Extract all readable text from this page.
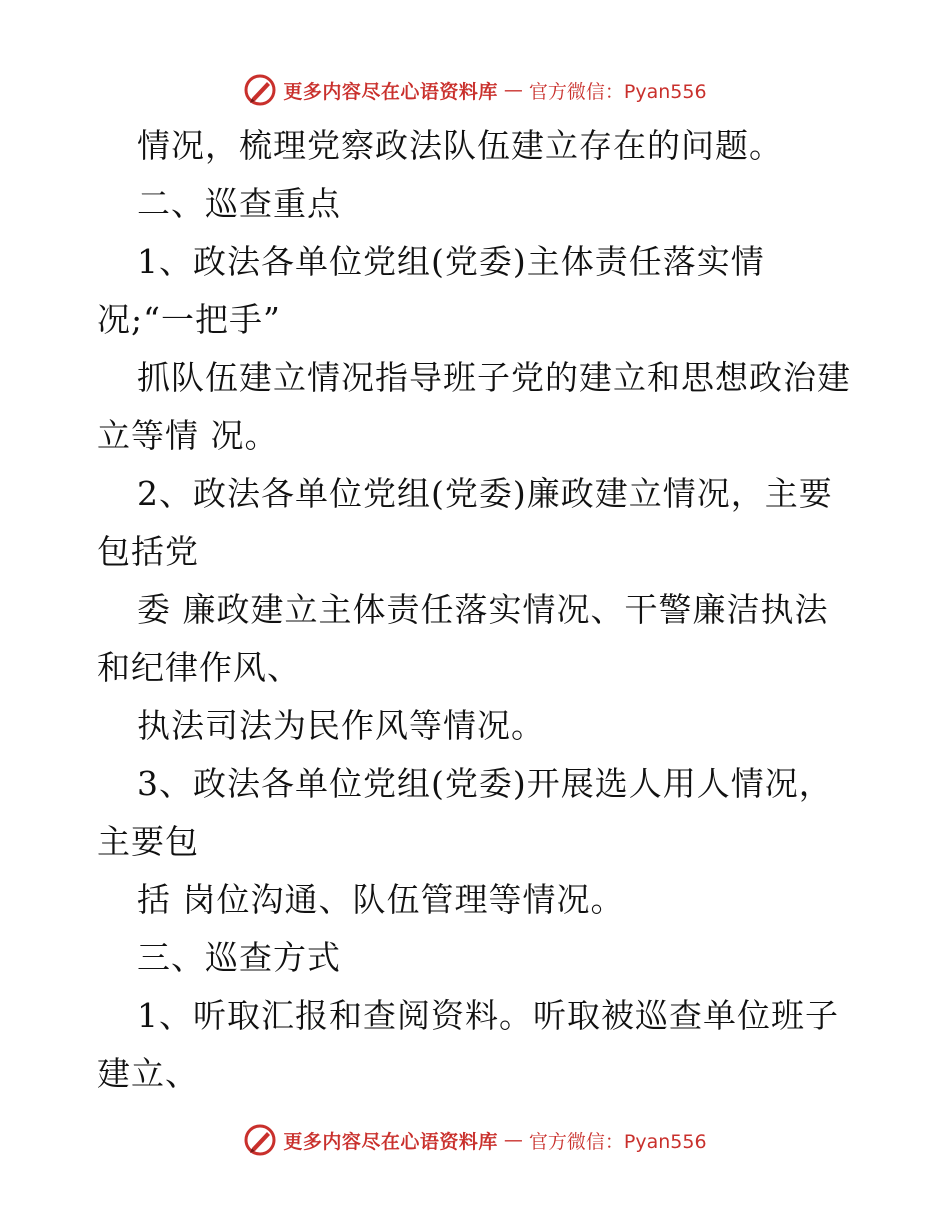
更多内容尽在心语资料库 — 官方微信：Pyan556
情况，梳理党察政法队伍建立存在的问题。
二、巡查重点
1、政法各单位党组(党委)主体责任落实情
况;“一把手”
抓队伍建立情况指导班子党的建立和思想政治建
立等情 况。
2、政法各单位党组(党委)廉政建立情况，主要
包括党
委 廉政建立主体责任落实情况、干警廉洁执法
和纪律作风、
执法司法为民作风等情况。
3、政法各单位党组(党委)开展选人用人情况，
主要包
括 岗位沟通、队伍管理等情况。
三、巡查方式
1、听取汇报和查阅资料。听取被巡查单位班子
建立、
更多内容尽在心语资料库 — 官方微信：Pyan556
